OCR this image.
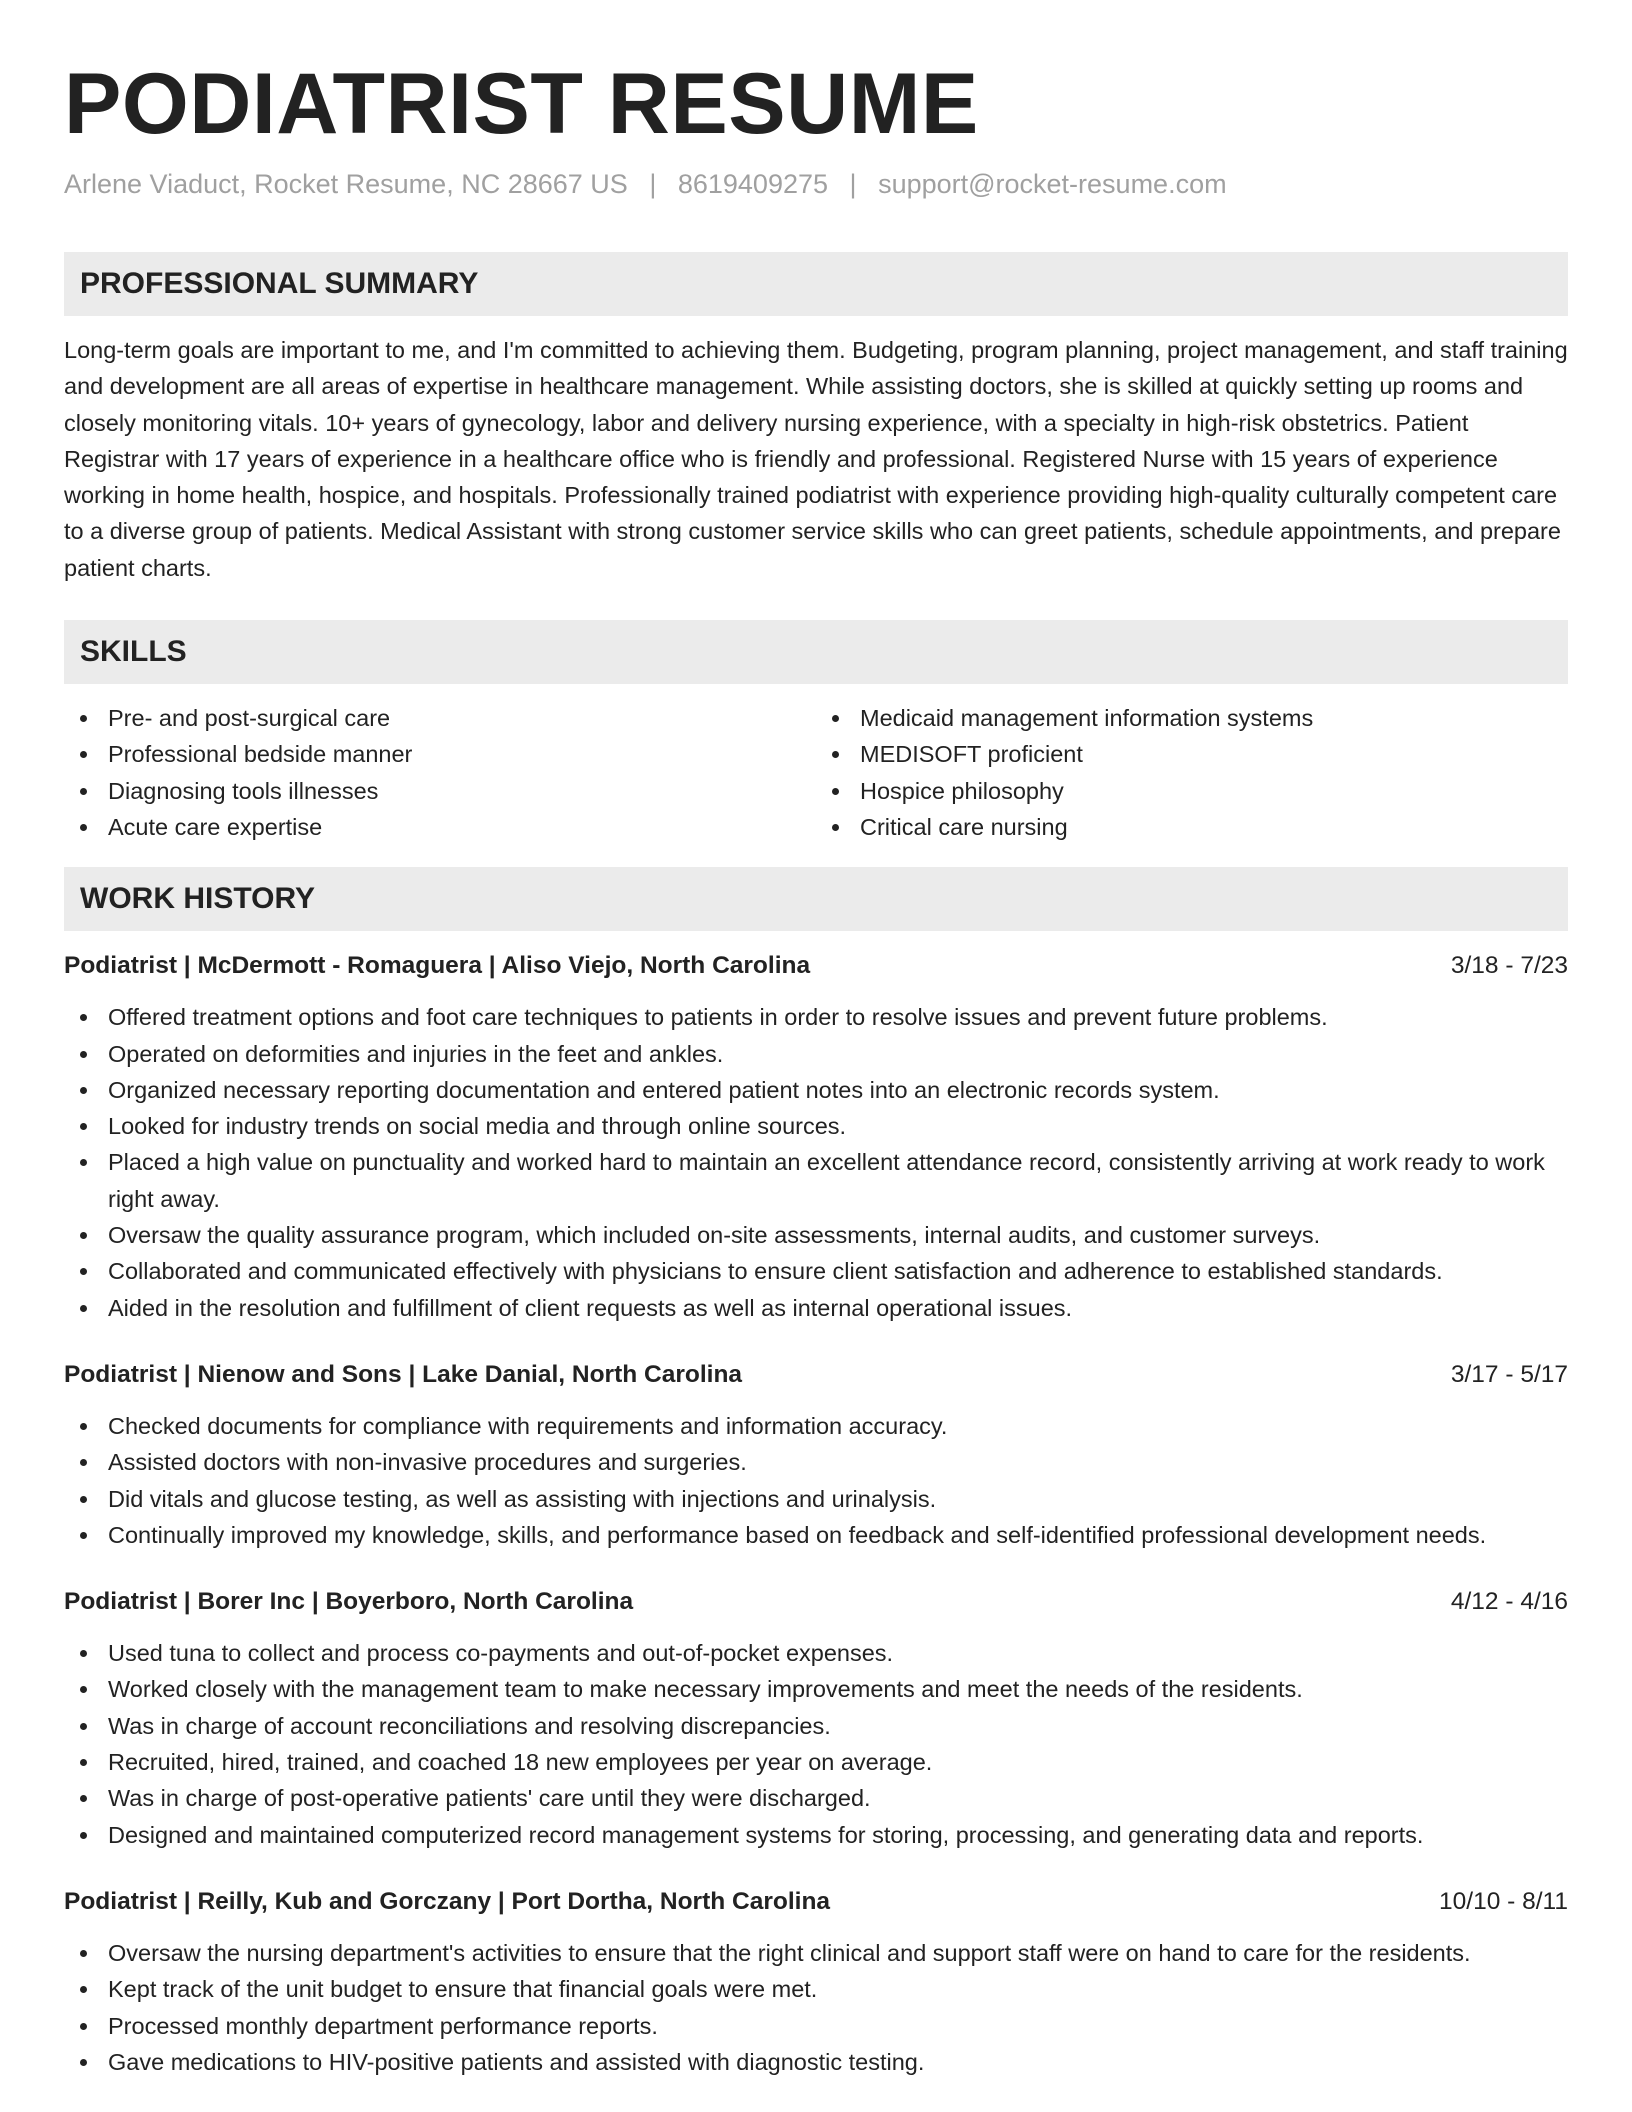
PODIATRIST RESUME
Arlene Viaduct, Rocket Resume, NC 28667 US | 8619409275 | support@rocket-resume.com
PROFESSIONAL SUMMARY
Long-term goals are important to me, and I'm committed to achieving them. Budgeting, program planning, project management, and staff training and development are all areas of expertise in healthcare management. While assisting doctors, she is skilled at quickly setting up rooms and closely monitoring vitals. 10+ years of gynecology, labor and delivery nursing experience, with a specialty in high-risk obstetrics. Patient Registrar with 17 years of experience in a healthcare office who is friendly and professional. Registered Nurse with 15 years of experience working in home health, hospice, and hospitals. Professionally trained podiatrist with experience providing high-quality culturally competent care to a diverse group of patients. Medical Assistant with strong customer service skills who can greet patients, schedule appointments, and prepare patient charts.
SKILLS
Pre- and post-surgical care
Professional bedside manner
Diagnosing tools illnesses
Acute care expertise
Medicaid management information systems
MEDISOFT proficient
Hospice philosophy
Critical care nursing
WORK HISTORY
Podiatrist | McDermott - Romaguera | Aliso Viejo, North Carolina	3/18 - 7/23
Offered treatment options and foot care techniques to patients in order to resolve issues and prevent future problems.
Operated on deformities and injuries in the feet and ankles.
Organized necessary reporting documentation and entered patient notes into an electronic records system.
Looked for industry trends on social media and through online sources.
Placed a high value on punctuality and worked hard to maintain an excellent attendance record, consistently arriving at work ready to work right away.
Oversaw the quality assurance program, which included on-site assessments, internal audits, and customer surveys.
Collaborated and communicated effectively with physicians to ensure client satisfaction and adherence to established standards.
Aided in the resolution and fulfillment of client requests as well as internal operational issues.
Podiatrist | Nienow and Sons | Lake Danial, North Carolina	3/17 - 5/17
Checked documents for compliance with requirements and information accuracy.
Assisted doctors with non-invasive procedures and surgeries.
Did vitals and glucose testing, as well as assisting with injections and urinalysis.
Continually improved my knowledge, skills, and performance based on feedback and self-identified professional development needs.
Podiatrist | Borer Inc | Boyerboro, North Carolina	4/12 - 4/16
Used tuna to collect and process co-payments and out-of-pocket expenses.
Worked closely with the management team to make necessary improvements and meet the needs of the residents.
Was in charge of account reconciliations and resolving discrepancies.
Recruited, hired, trained, and coached 18 new employees per year on average.
Was in charge of post-operative patients' care until they were discharged.
Designed and maintained computerized record management systems for storing, processing, and generating data and reports.
Podiatrist | Reilly, Kub and Gorczany | Port Dortha, North Carolina	10/10 - 8/11
Oversaw the nursing department's activities to ensure that the right clinical and support staff were on hand to care for the residents.
Kept track of the unit budget to ensure that financial goals were met.
Processed monthly department performance reports.
Gave medications to HIV-positive patients and assisted with diagnostic testing.
